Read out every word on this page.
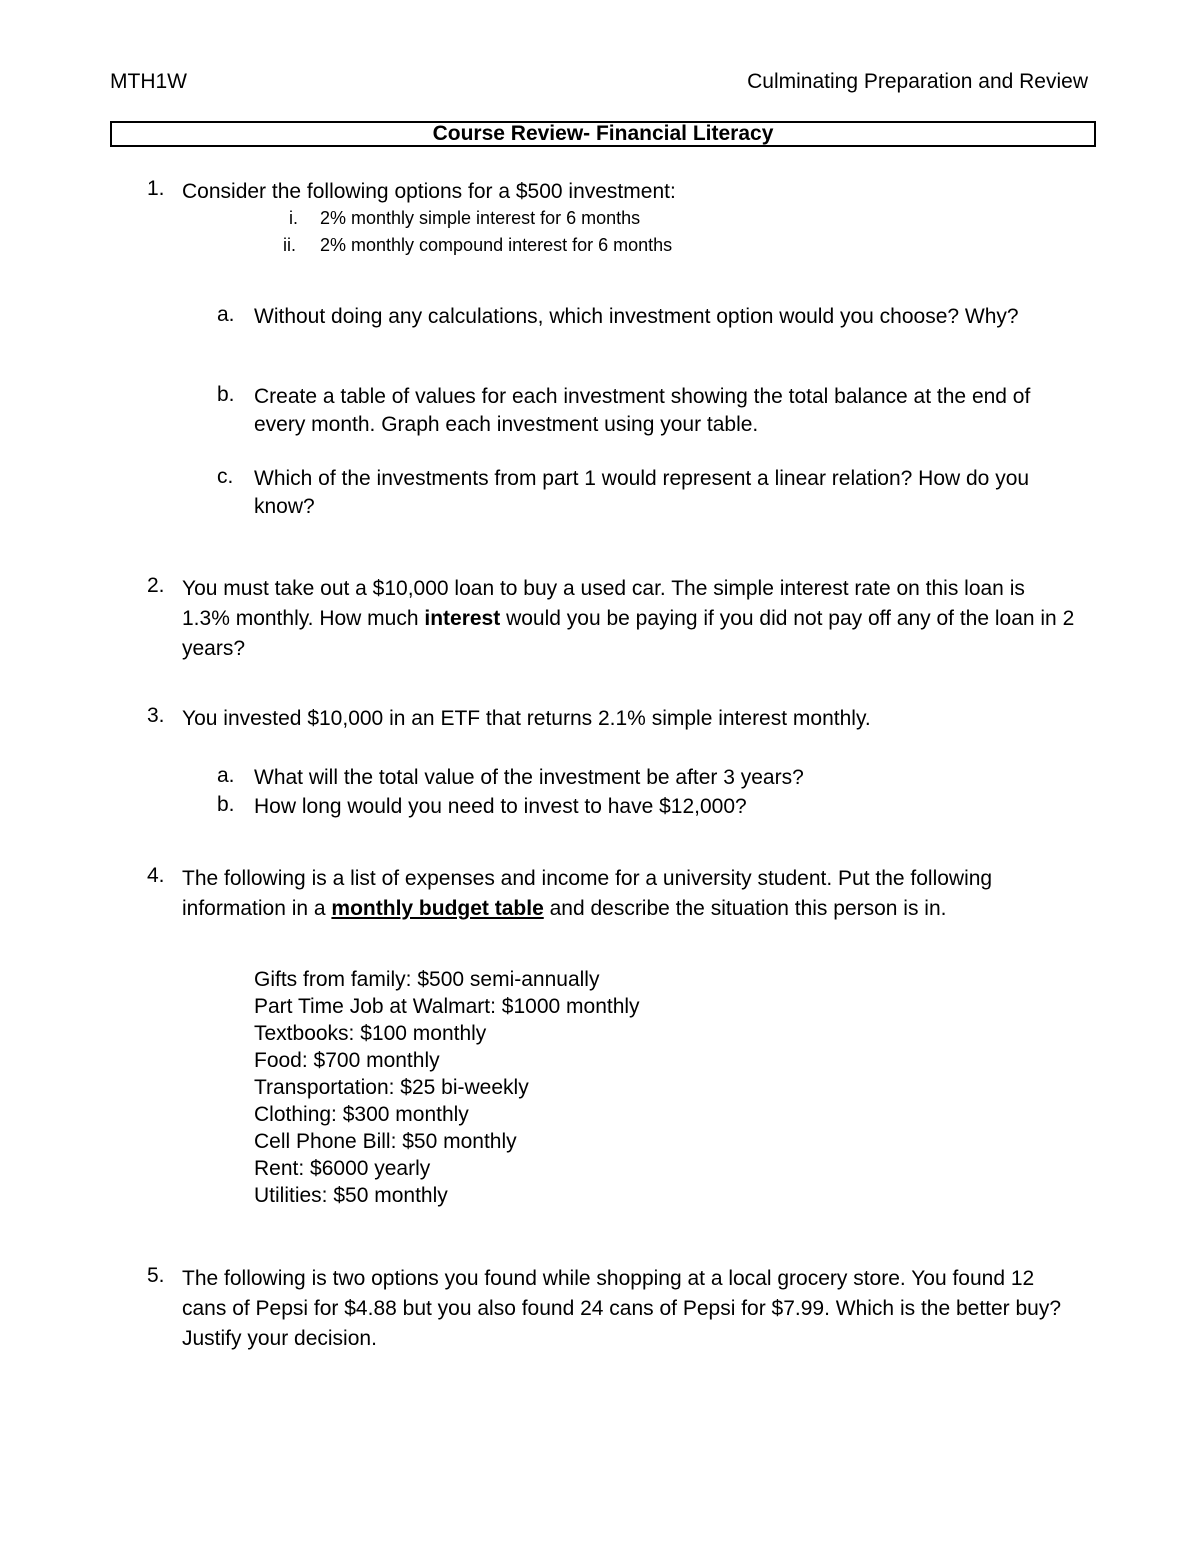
MTH1W	Culminating Preparation and Review
Course Review- Financial Literacy
1. Consider the following options for a $500 investment:
i. 2% monthly simple interest for 6 months
ii. 2% monthly compound interest for 6 months
a. Without doing any calculations, which investment option would you choose? Why?
b. Create a table of values for each investment showing the total balance at the end of every month. Graph each investment using your table.
c. Which of the investments from part 1 would represent a linear relation? How do you know?
2. You must take out a $10,000 loan to buy a used car. The simple interest rate on this loan is 1.3% monthly. How much interest would you be paying if you did not pay off any of the loan in 2 years?
3. You invested $10,000 in an ETF that returns 2.1% simple interest monthly.
a. What will the total value of the investment be after 3 years?
b. How long would you need to invest to have $12,000?
4. The following is a list of expenses and income for a university student. Put the following information in a monthly budget table and describe the situation this person is in.
Gifts from family: $500 semi-annually
Part Time Job at Walmart: $1000 monthly
Textbooks: $100 monthly
Food: $700 monthly
Transportation: $25 bi-weekly
Clothing: $300 monthly
Cell Phone Bill: $50 monthly
Rent: $6000 yearly
Utilities: $50 monthly
5. The following is two options you found while shopping at a local grocery store. You found 12 cans of Pepsi for $4.88 but you also found 24 cans of Pepsi for $7.99. Which is the better buy? Justify your decision.
